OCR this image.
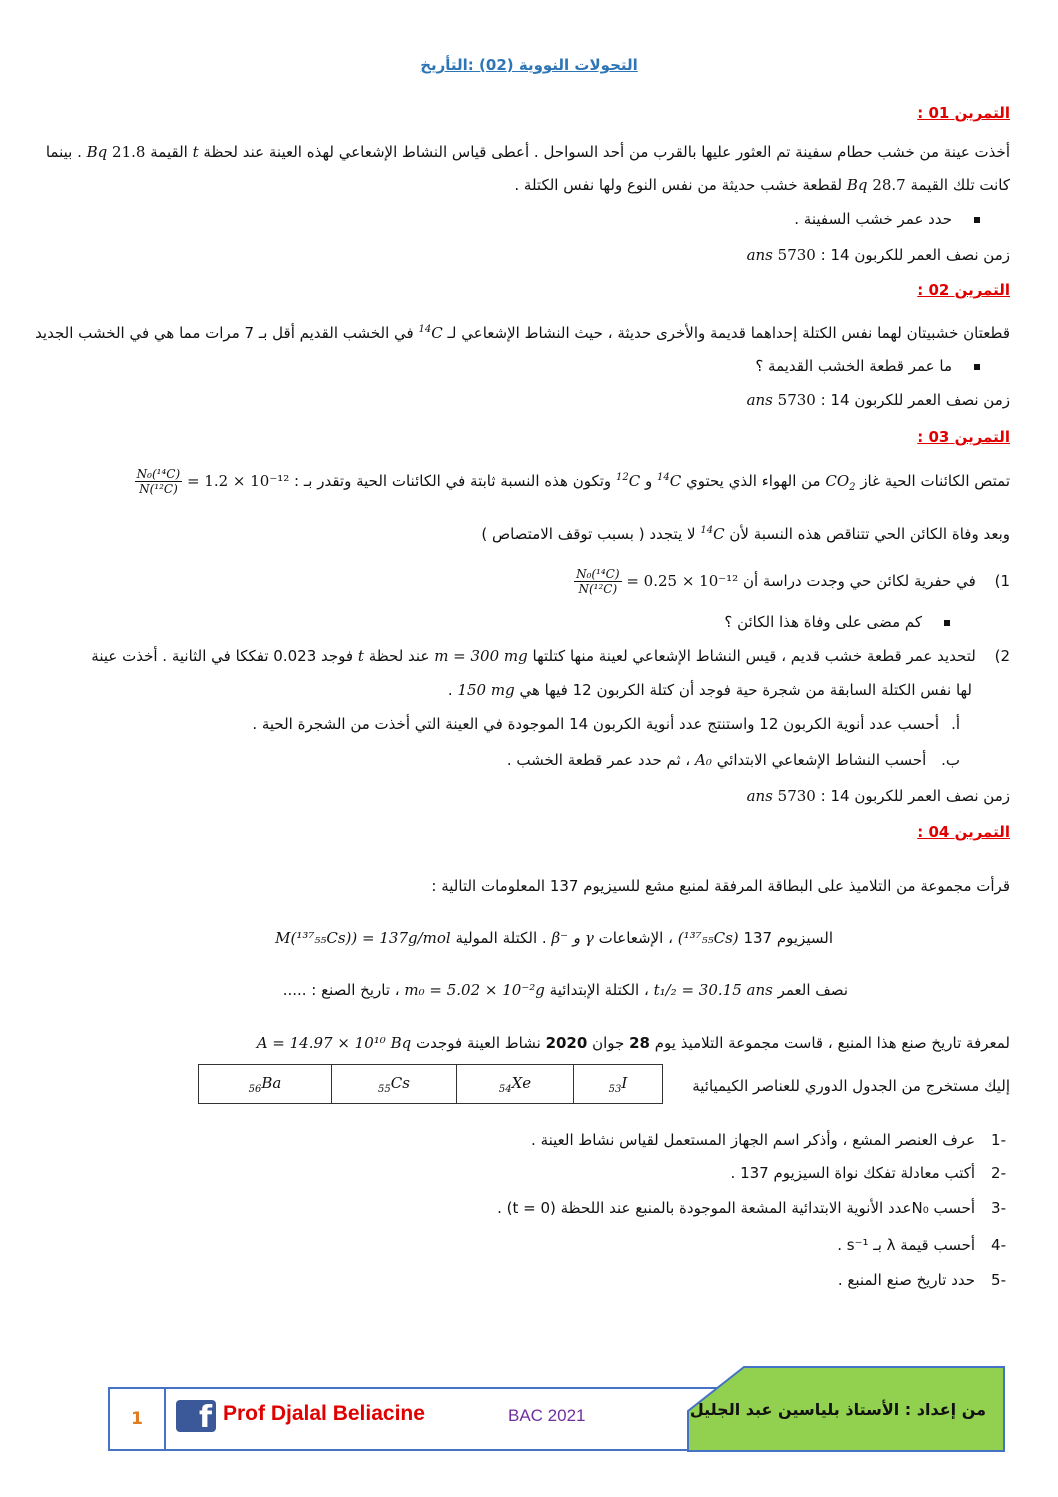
التحولات النووية (02) :التأريخ
التمرين 01 :
أخذت عينة من خشب حطام سفينة تم العثور عليها بالقرب من أحد السواحل . أعطى قياس النشاط الإشعاعي لهذه العينة عند لحظة t القيمة 21.8 Bq . بينما
كانت تلك القيمة 28.7 Bq لقطعة خشب حديثة من نفس النوع ولها نفس الكتلة .
حدد عمر خشب السفينة .
زمن نصف العمر للكربون 14 : 5730 ans
التمرين 02 :
قطعتان خشبيتان لهما نفس الكتلة إحداهما قديمة والأخرى حديثة ، حيث النشاط الإشعاعي لـ $^{14}$C في الخشب القديم أقل بـ 7 مرات مما هي في الخشب الجديد
ما عمر قطعة الخشب القديمة ؟
زمن نصف العمر للكربون 14 : 5730 ans
التمرين 03 :
تمتص الكائنات الحية غاز $CO_2$ من الهواء الذي يحتوي $^{14}$C و $^{12}$C وتكون هذه النسبة ثابتة في الكائنات الحية وتقدر بـ : = 1.2 × 10⁻¹²
$\frac{\text{N₀(¹⁴C)}}{\text{N(¹²C)}}$
وبعد وفاة الكائن الحي تتناقص هذه النسبة لأن $^{14}$C لا يتجدد ( بسبب توقف الامتصاص )
1) في حفرية لكائن حي وجدت دراسة أن = 0.25 × 10⁻¹²
$\frac{\text{N₀(¹⁴C)}}{\text{N(¹²C)}}$
كم مضى على وفاة هذا الكائن ؟
2) لتحديد عمر قطعة خشب قديم ، قيس النشاط الإشعاعي لعينة منها كتلتها m = 300 mg عند لحظة t فوجد 0.023 تفككا في الثانية . أخذت عينة
لها نفس الكتلة السابقة من شجرة حية فوجد أن كتلة الكربون 12 فيها هي 150 mg .
أ.أحسب عدد أنوية الكربون 12 واستنتج عدد أنوية الكربون 14 الموجودة في العينة التي أخذت من الشجرة الحية .
ب. أحسب النشاط الإشعاعي الابتدائي A₀ ، ثم حدد عمر قطعة الخشب .
زمن نصف العمر للكربون 14 : 5730 ans
التمرين 04 :
قرأت مجموعة من التلاميذ على البطاقة المرفقة لمنبع مشع للسيزيوم 137 المعلومات التالية :
السيزيوم 137 (¹³⁷₅₅Cs) ، الإشعاعات β⁻ و γ . الكتلة المولية M(¹³⁷₅₅Cs)) = 137g/mol
نصف العمر t₁/₂ = 30.15 ans ، الكتلة الإبتدائية m₀ = 5.02 × 10⁻²g ، تاريخ الصنع : .....
لمعرفة تاريخ صنع هذا المنبع ، قاست مجموعة التلاميذ يوم 28 جوان 2020 نشاط العينة فوجدت A = 14.97 × 10¹⁰ Bq
$_{56}$Ba	$_{55}$Cs	$_{54}$Xe	$_{53}$I	إليك مستخرج من الجدول الدوري للعناصر الكيميائية
-1عرف العنصر المشع ، وأذكر اسم الجهاز المستعمل لقياس نشاط العينة .
-2أكتب معادلة تفكك نواة السيزيوم 137 .
-3أحسب N₀عدد الأنوية الابتدائية المشعة الموجودة بالمنبع عند اللحظة (t = 0) .
-4أحسب قيمة λ بـ s⁻¹ .
-5حدد تاريخ صنع المنبع .
1	f Prof Djalal Beliacine	BAC 2021	من إعداد : الأستاذ بلياسين عبد الجليل
